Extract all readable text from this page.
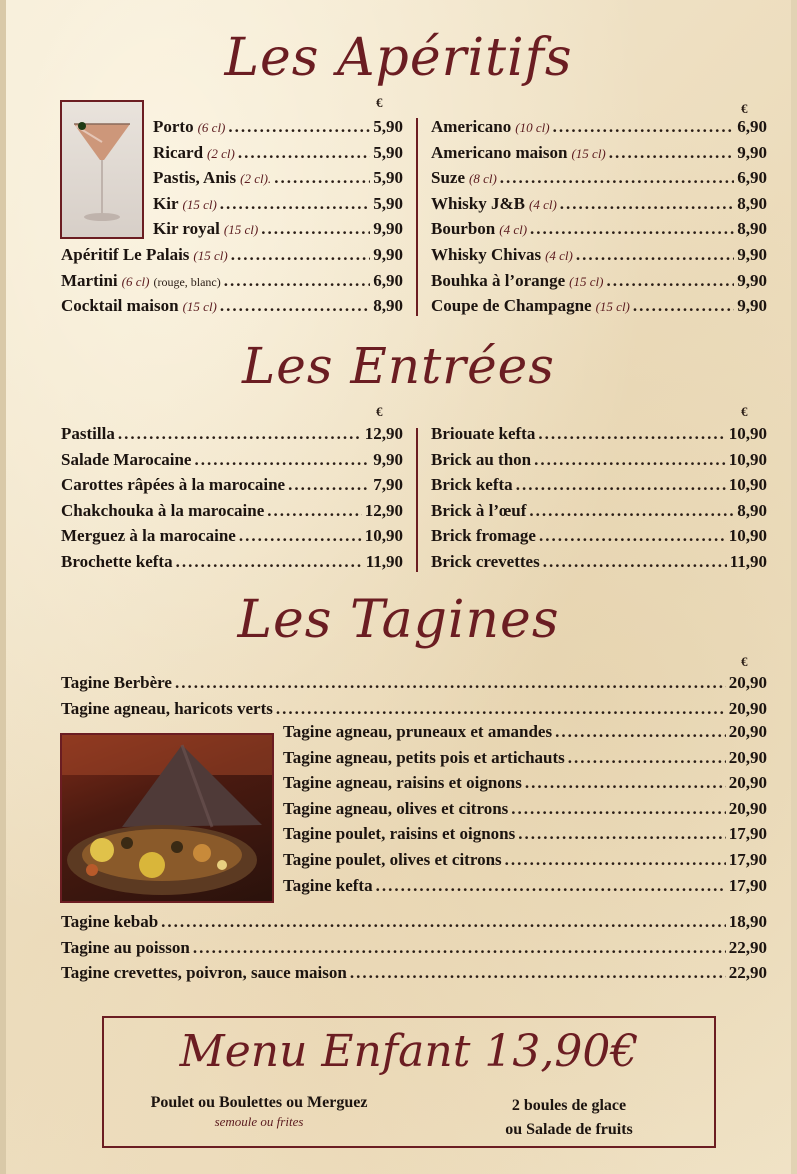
Les Apéritifs
€	€
Porto (6 cl) .....	5,90
Ricard (2 cl) .....	5,90
Pastis, Anis (2 cl). .....	5,90
Kir (15 cl) .....	5,90
Kir royal (15 cl) .....	9,90
Apéritif Le Palais (15 cl) .....	9,90
Martini (6 cl) (rouge, blanc) .....	6,90
Cocktail maison (15 cl) .....	8,90
Americano (10 cl) .....	6,90
Americano maison (15 cl) .....	9,90
Suze (8 cl) .....	6,90
Whisky J&B (4 cl) .....	8,90
Bourbon (4 cl) .....	8,90
Whisky Chivas (4 cl) .....	9,90
Bouhka à l’orange (15 cl) .....	9,90
Coupe de Champagne (15 cl) .....	9,90
Les Entrées
€	€
Pastilla .....	12,90
Salade Marocaine .....	9,90
Carottes râpées à la marocaine .....	7,90
Chakchouka à la marocaine .....	12,90
Merguez à la marocaine .....	10,90
Brochette kefta .....	11,90
Briouate kefta .....	10,90
Brick au thon .....	10,90
Brick kefta .....	10,90
Brick à l’œuf .....	8,90
Brick fromage .....	10,90
Brick crevettes .....	11,90
Les Tagines
€
Tagine Berbère .....	20,90
Tagine agneau, haricots verts .....	20,90
Tagine agneau, pruneaux et amandes .....	20,90
Tagine agneau, petits pois et artichauts .....	20,90
Tagine agneau, raisins et oignons .....	20,90
Tagine agneau, olives et citrons .....	20,90
Tagine poulet, raisins et oignons .....	17,90
Tagine poulet, olives et citrons .....	17,90
Tagine kefta .....	17,90
Tagine kebab .....	18,90
Tagine au poisson .....	22,90
Tagine crevettes, poivron, sauce maison .....	22,90
Menu Enfant 13,90€
Poulet ou Boulettes ou Merguez
semoule ou frites
2 boules de glace
ou Salade de fruits
